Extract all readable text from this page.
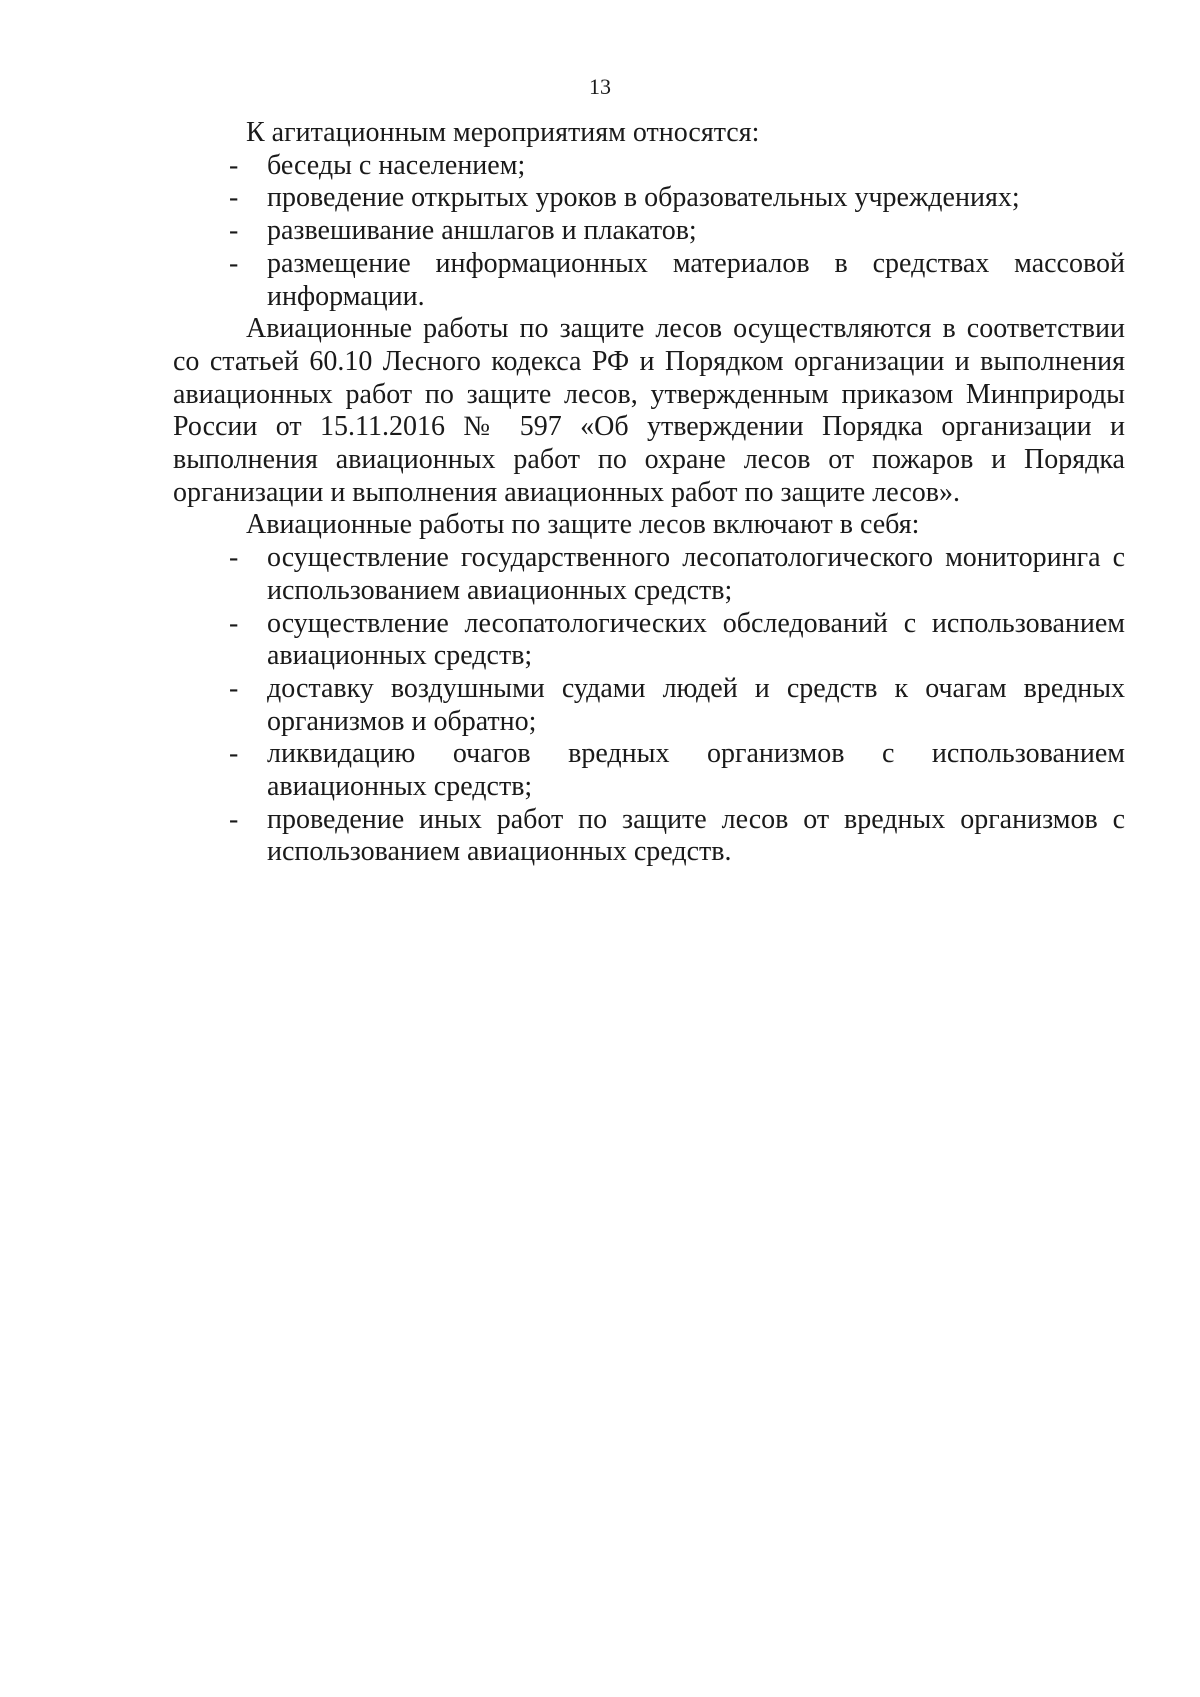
13

К агитационным мероприятиям относятся:

- беседы с населением;
- проведение открытых уроков в образовательных учреждениях;
- развешивание аншлагов и плакатов;
- размещение информационных материалов в средствах массовой информации.

Авиационные работы по защите лесов осуществляются в соответствии со статьей 60.10 Лесного кодекса РФ и Порядком организации и выполнения авиационных работ по защите лесов, утвержденным приказом Минприроды России от 15.11.2016 № 597 «Об утверждении Порядка организации и выполнения авиационных работ по охране лесов от пожаров и Порядка организации и выполнения авиационных работ по защите лесов».

Авиационные работы по защите лесов включают в себя:

- осуществление государственного лесопатологического мониторинга с использованием авиационных средств;
- осуществление лесопатологических обследований с использованием авиационных средств;
- доставку воздушными судами людей и средств к очагам вредных организмов и обратно;
- ликвидацию очагов вредных организмов с использованием авиационных средств;
- проведение иных работ по защите лесов от вредных организмов с использованием авиационных средств.
